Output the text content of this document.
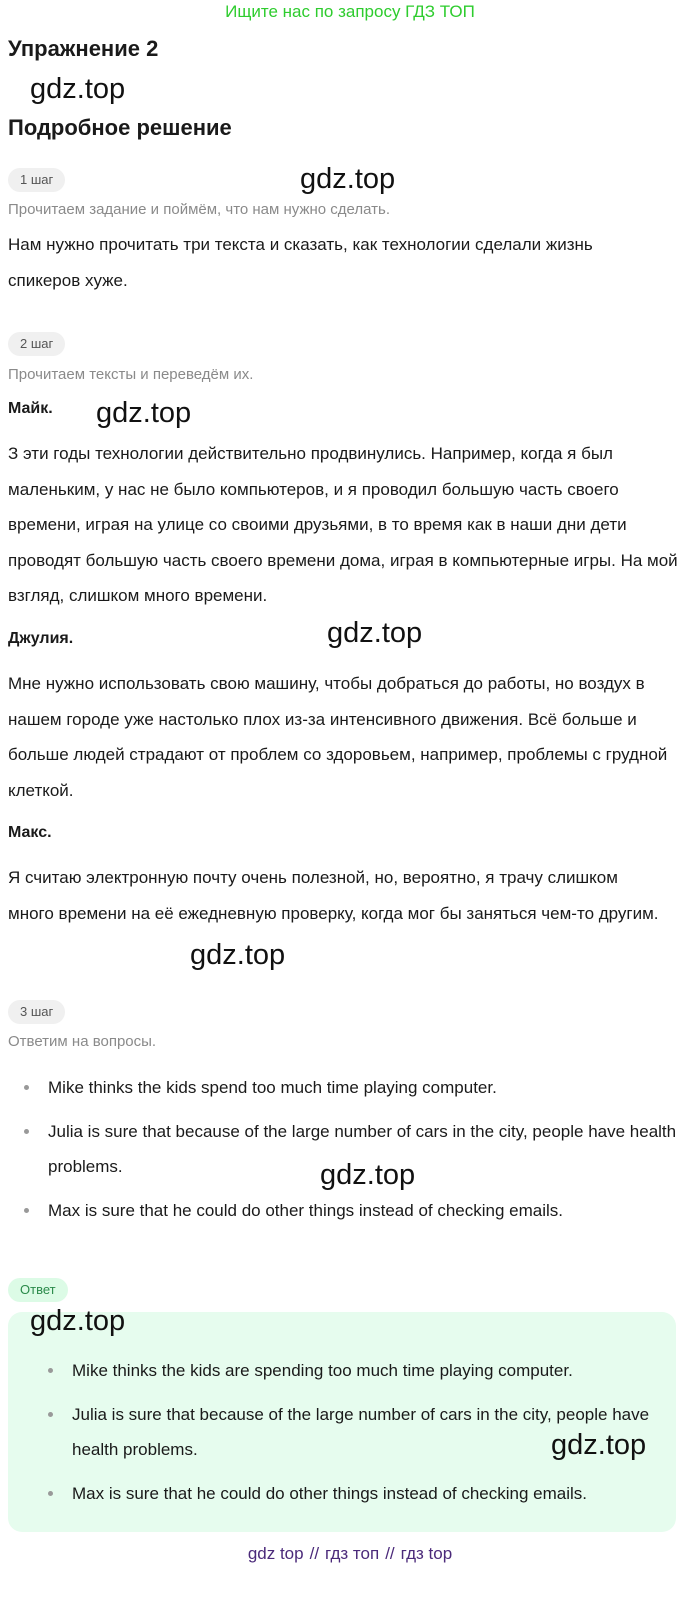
Ищите нас по запросу ГДЗ ТОП
Упражнение 2
gdz.top
Подробное решение
1 шаг	gdz.top
Прочитаем задание и поймём, что нам нужно сделать.

Нам нужно прочитать три текста и сказать, как технологии сделали жизнь спикеров хуже.

2 шаг
Прочитаем тексты и переведём их.
Майк. gdz.top

З эти годы технологии действительно продвинулись. Например, когда я был маленьким, у нас не было компьютеров, и я проводил большую часть своего времени, играя на улице со своими друзьями, в то время как в наши дни дети проводят большую часть своего времени дома, играя в компьютерные игры. На мой взгляд, слишком много времени.

Джулия.	gdz.top

Мне нужно использовать свою машину, чтобы добраться до работы, но воздух в нашем городе уже настолько плох из-за интенсивного движения. Всё больше и больше людей страдают от проблем со здоровьем, например, проблемы с грудной клеткой.

Макс.

Я считаю электронную почту очень полезной, но, вероятно, я трачу слишком много времени на её ежедневную проверку, когда мог бы заняться чем-то другим.

gdz.top
3 шаг
Ответим на вопросы.
Mike thinks the kids spend too much time playing computer.
Julia is sure that because of the large number of cars in the city, people have health problems.
Max is sure that he could do other things instead of checking emails.
gdz.top
Ответ
gdz.top
Mike thinks the kids are spending too much time playing computer.
Julia is sure that because of the large number of cars in the city, people have health problems.
Max is sure that he could do other things instead of checking emails.
gdz.top
gdz top // гдз топ // гдз top
